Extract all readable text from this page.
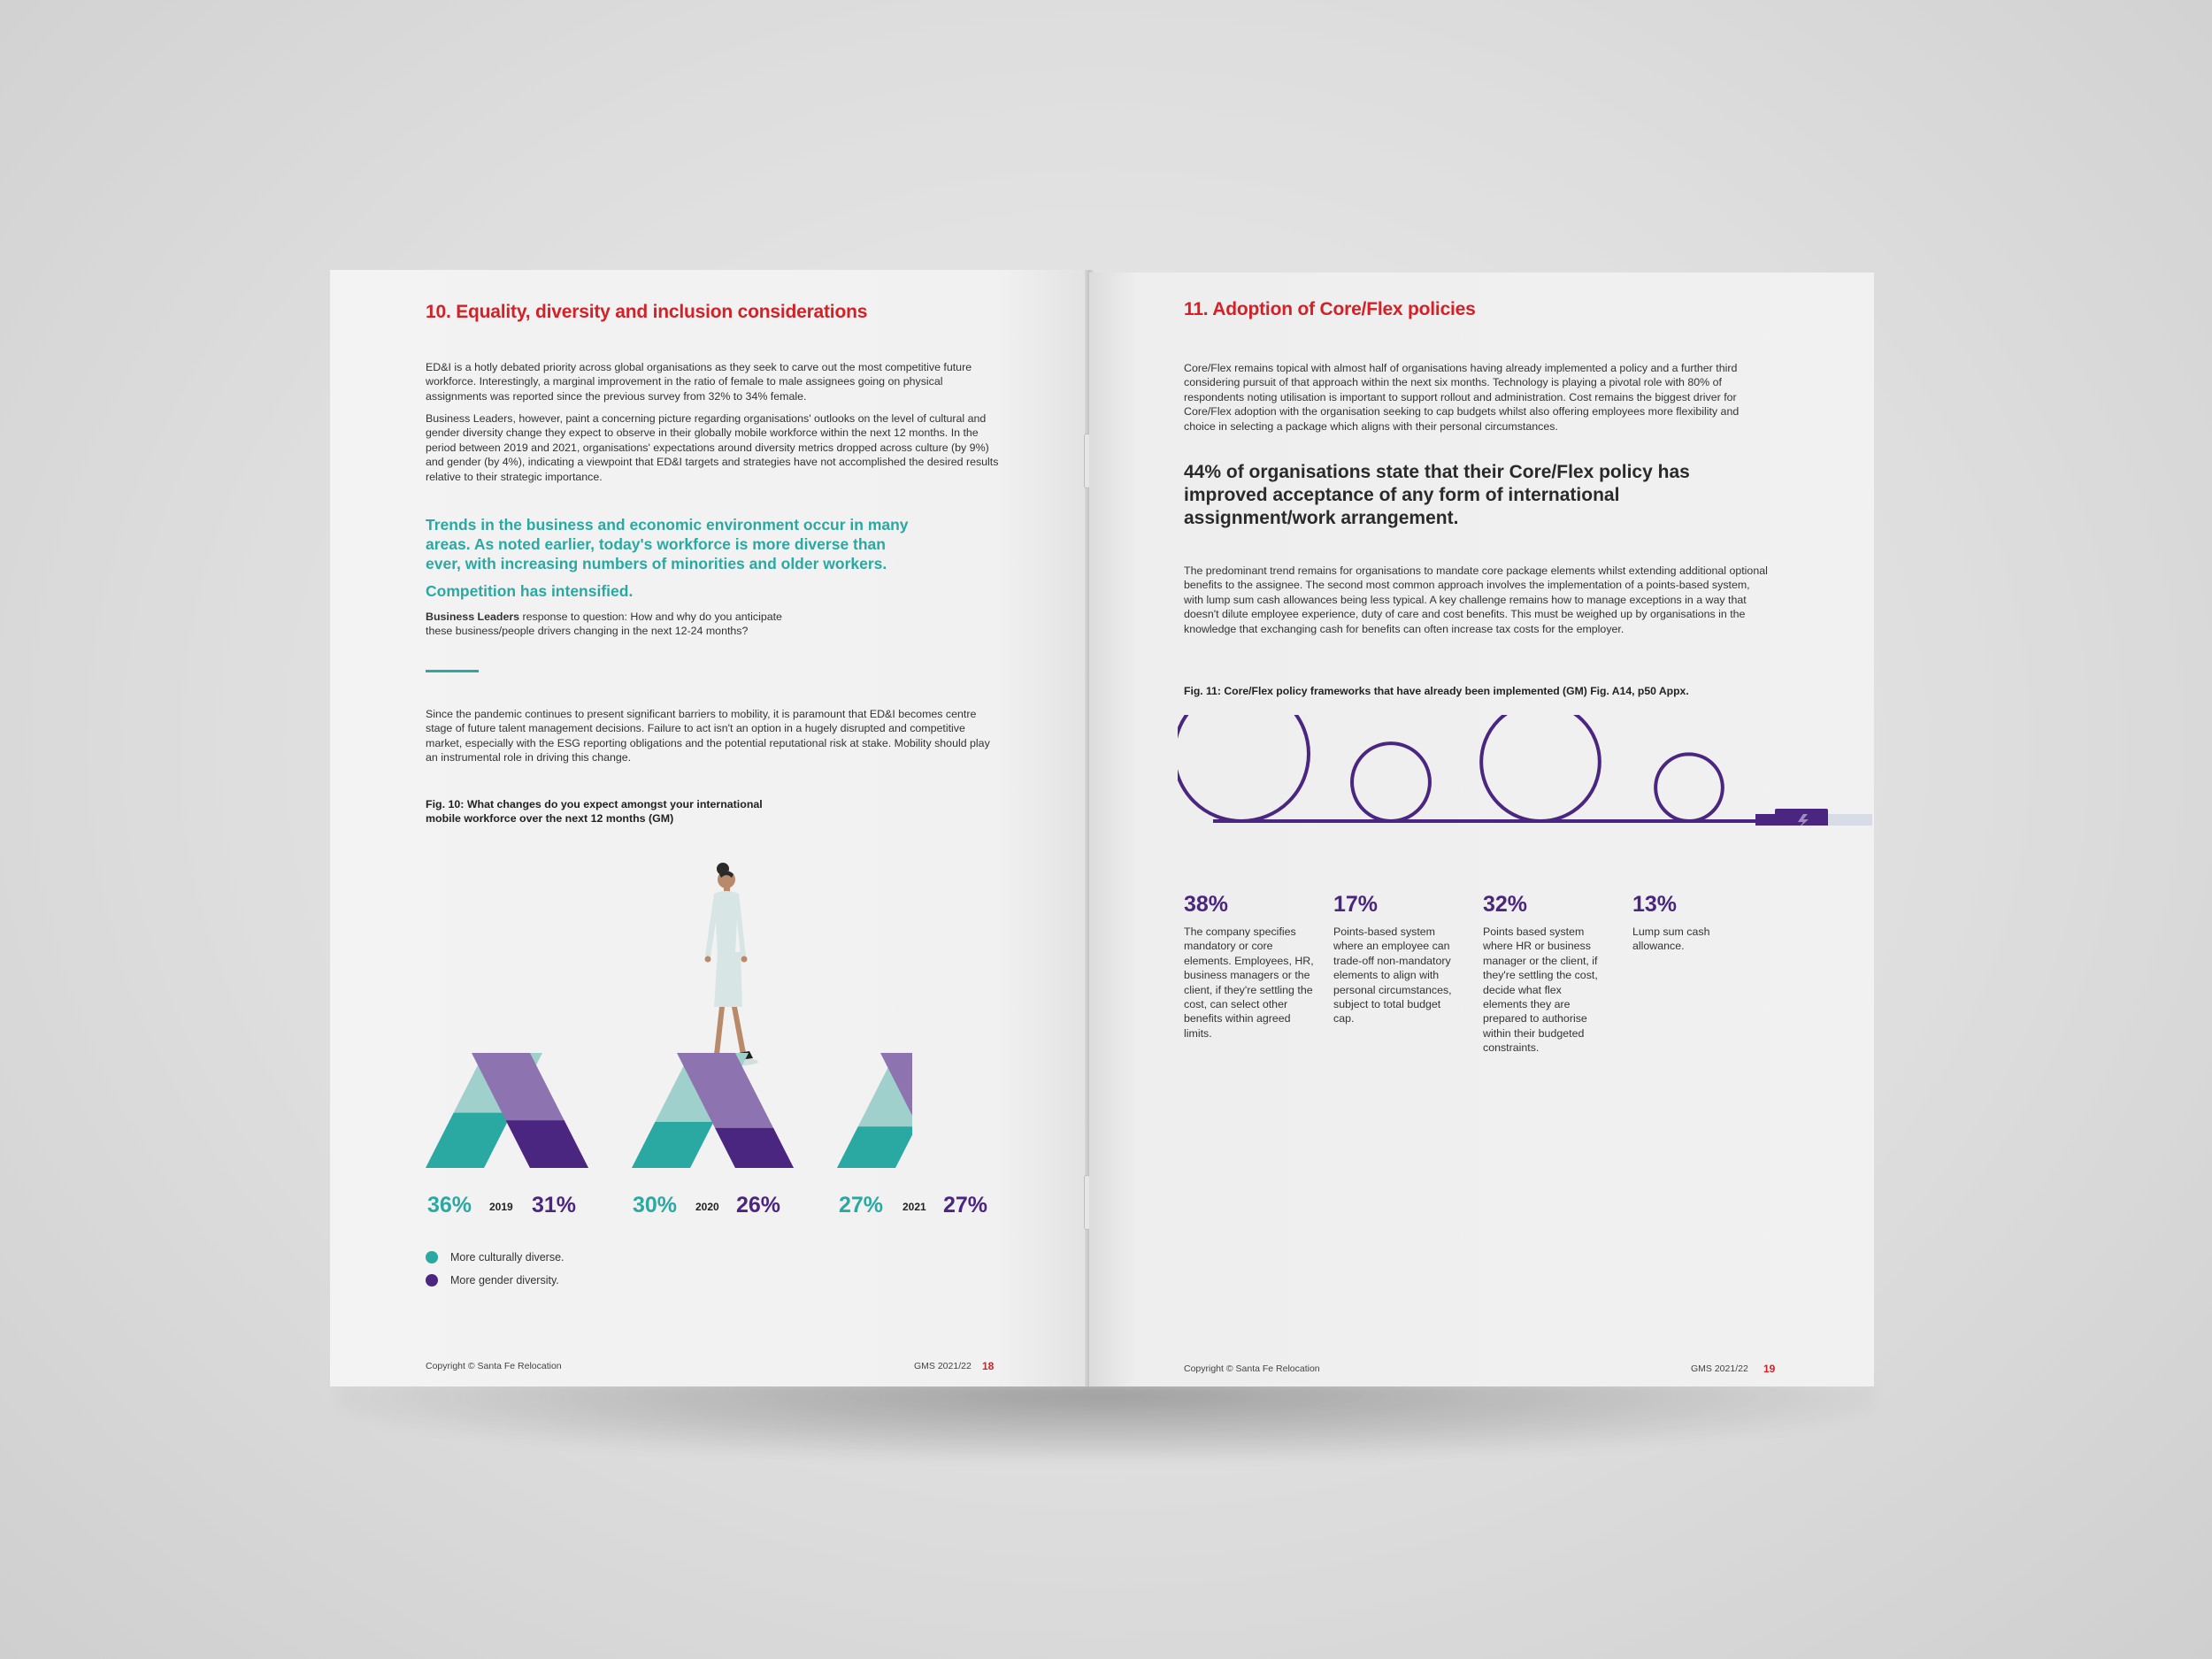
10. Equality, diversity and inclusion considerations
ED&I is a hotly debated priority across global organisations as they seek to carve out the most competitive future workforce. Interestingly, a marginal improvement in the ratio of female to male assignees going on physical assignments was reported since the previous survey from 32% to 34% female.
Business Leaders, however, paint a concerning picture regarding organisations' outlooks on the level of cultural and gender diversity change they expect to observe in their globally mobile workforce within the next 12 months. In the period between 2019 and 2021, organisations' expectations around diversity metrics dropped across culture (by 9%) and gender (by 4%), indicating a viewpoint that ED&I targets and strategies have not accomplished the desired results relative to their strategic importance.
Trends in the business and economic environment occur in many areas. As noted earlier, today's workforce is more diverse than ever, with increasing numbers of minorities and older workers.
Competition has intensified.
Business Leaders response to question: How and why do you anticipate these business/people drivers changing in the next 12-24 months?
Since the pandemic continues to present significant barriers to mobility, it is paramount that ED&I becomes centre stage of future talent management decisions. Failure to act isn't an option in a hugely disrupted and competitive market, especially with the ESG reporting obligations and the potential reputational risk at stake. Mobility should play an instrumental role in driving this change.
Fig. 10: What changes do you expect amongst your international mobile workforce over the next 12 months (GM)
36% 2019 31%	30% 2020 26%	27% 2021 27%
More culturally diverse.
More gender diversity.
Copyright © Santa Fe Relocation	GMS 2021/22 18
11. Adoption of Core/Flex policies
Core/Flex remains topical with almost half of organisations having already implemented a policy and a further third considering pursuit of that approach within the next six months. Technology is playing a pivotal role with 80% of respondents noting utilisation is important to support rollout and administration. Cost remains the biggest driver for Core/Flex adoption with the organisation seeking to cap budgets whilst also offering employees more flexibility and choice in selecting a package which aligns with their personal circumstances.
44% of organisations state that their Core/Flex policy has improved acceptance of any form of international assignment/work arrangement.
The predominant trend remains for organisations to mandate core package elements whilst extending additional optional benefits to the assignee. The second most common approach involves the implementation of a points-based system, with lump sum cash allowances being less typical. A key challenge remains how to manage exceptions in a way that doesn't dilute employee experience, duty of care and cost benefits. This must be weighed up by organisations in the knowledge that exchanging cash for benefits can often increase tax costs for the employer.
Fig. 11: Core/Flex policy frameworks that have already been implemented (GM) Fig. A14, p50 Appx.
38%
The company specifies mandatory or core elements. Employees, HR, business managers or the client, if they're settling the cost, can select other benefits within agreed limits.
17%
Points-based system where an employee can trade-off non-mandatory elements to align with personal circumstances, subject to total budget cap.
32%
Points based system where HR or business manager or the client, if they're settling the cost, decide what flex elements they are prepared to authorise within their budgeted constraints.
13%
Lump sum cash allowance.
Copyright © Santa Fe Relocation	GMS 2021/22 19
